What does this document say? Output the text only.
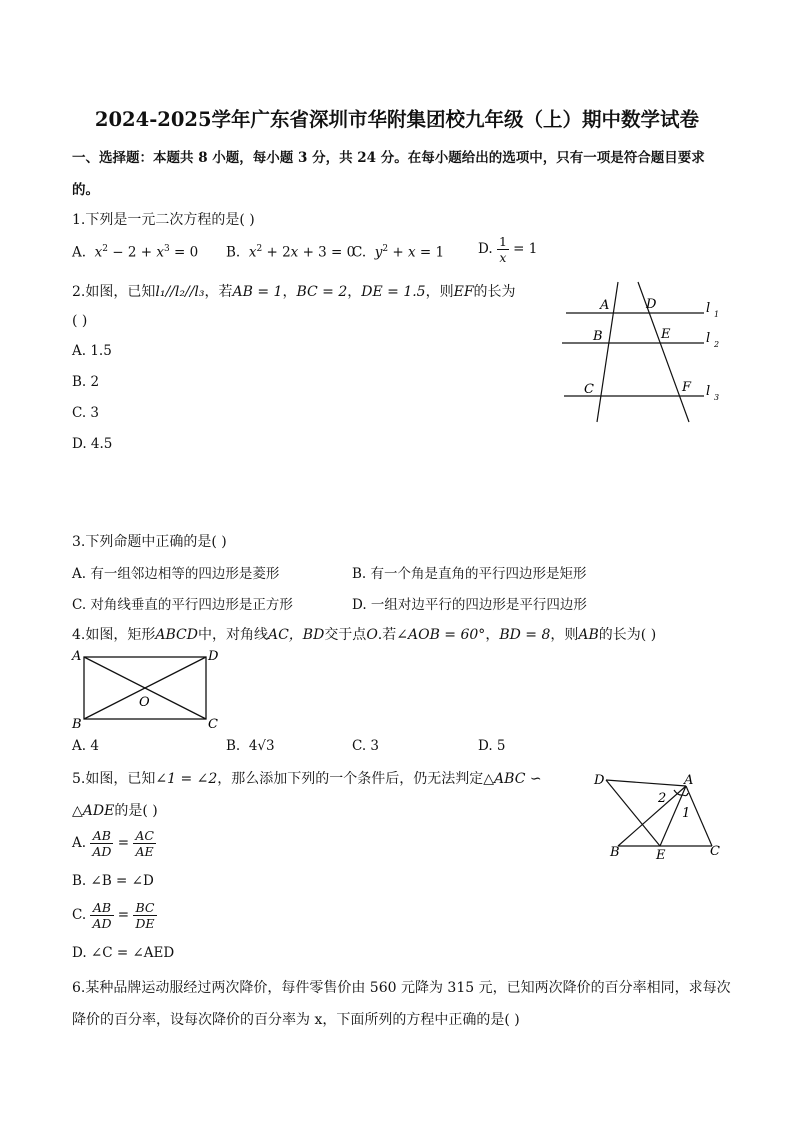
2024-2025学年广东省深圳市华附集团校九年级（上）期中数学试卷
一、选择题：本题共 8 小题，每小题 3 分，共 24 分。在每小题给出的选项中，只有一项是符合题目要求
的。
1.下列是一元二次方程的是( )
A. $x^2 - 2 + x^3 = 0$ B. $x^2 + 2x + 3 = 0$
C. $y^2 + x = 1$	D. $\frac{1}{x} = 1$
2.如图，已知l₁//l₂//l₃，若AB = 1，BC = 2，DE = 1.5，则EF的长为
( )
A. 1.5
B. 2
C. 3
D. 4.5
A	D
B	E
C	F
l 1
l 2
l 3
3.下列命题中正确的是( )
A. 有一组邻边相等的四边形是菱形	B. 有一个角是直角的平行四边形是矩形
C. 对角线垂直的平行四边形是正方形	D. 一组对边平行的四边形是平行四边形
4.如图，矩形ABCD中，对角线AC，BD交于点O.若∠AOB = 60°，BD = 8，则AB的长为( )
A	D
B	C
O
A. 4	B. 4√3	C. 3	D. 5
5.如图，已知∠1 = ∠2，那么添加下列的一个条件后，仍无法判定△ABC ∽
△ADE的是( )
A. $\frac{AB}{AD} = \frac{AC}{AE}$
B. ∠B = ∠D
C. $\frac{AB}{AD} = \frac{BC}{DE}$
D. ∠C = ∠AED
D	A
B	E	C
1
2
6.某种品牌运动服经过两次降价，每件零售价由 560 元降为 315 元，已知两次降价的百分率相同，求每次
降价的百分率，设每次降价的百分率为 x，下面所列的方程中正确的是( )
